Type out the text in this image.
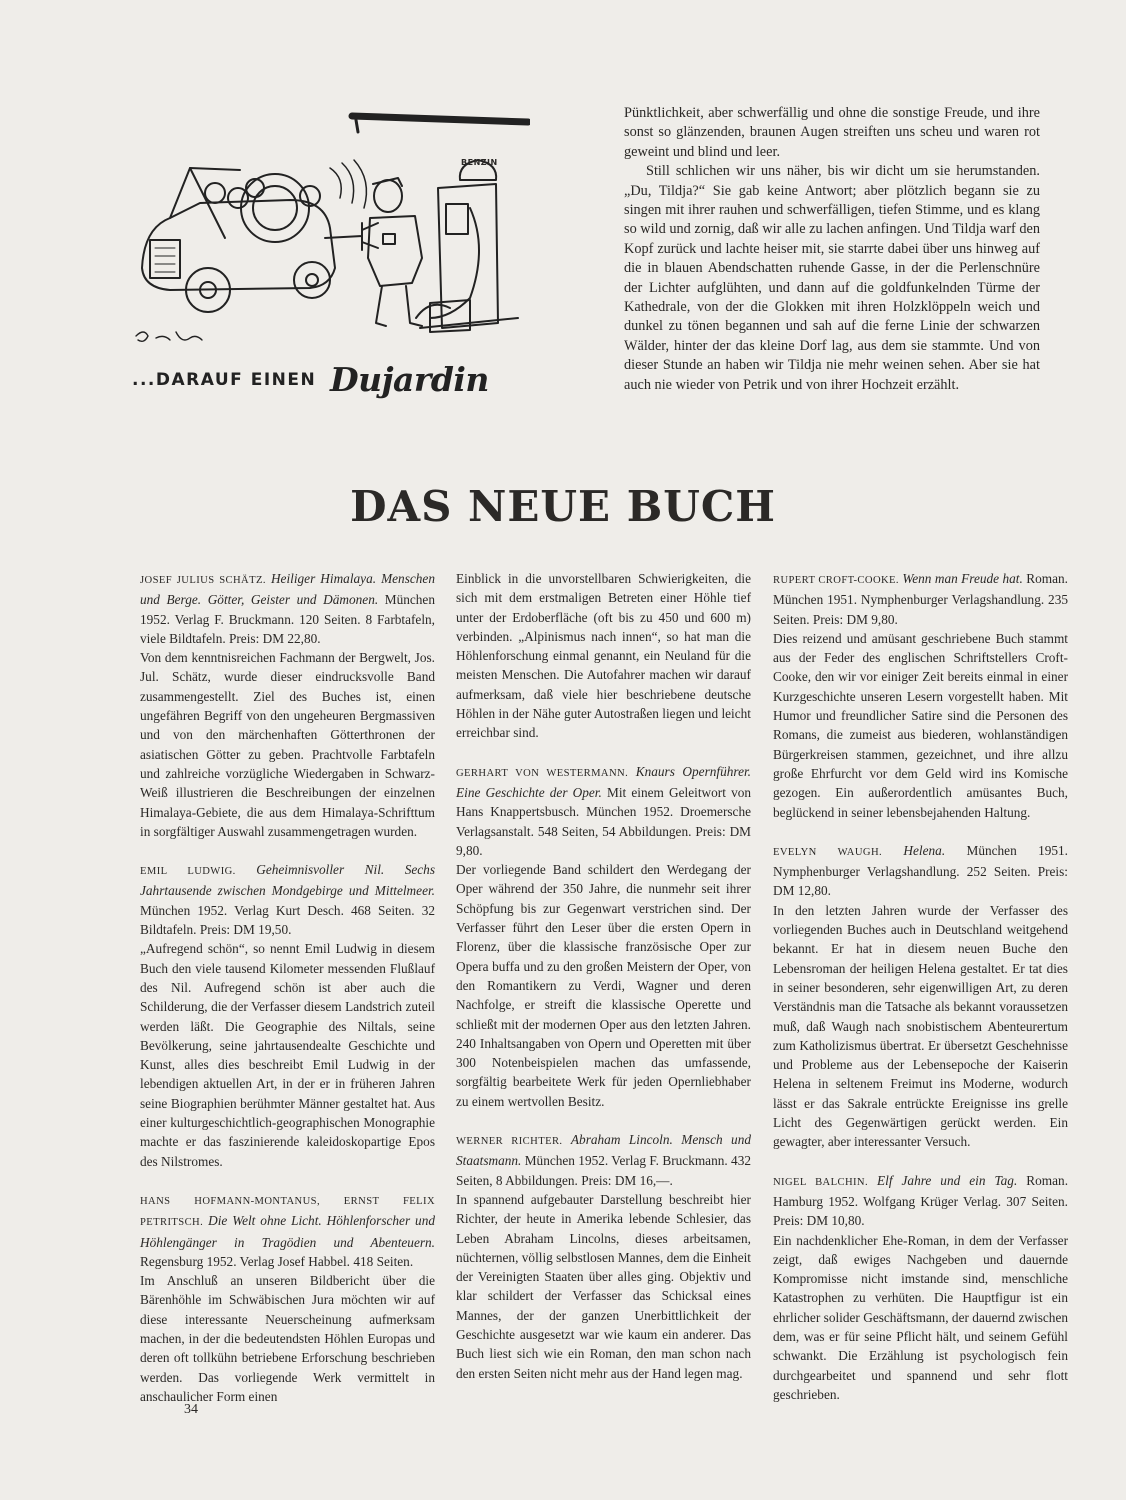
BENZIN
...DARAUF EINEN Dujardin

Pünktlichkeit, aber schwerfällig und ohne die sonstige Freude, und ihre sonst so glänzenden, braunen Augen streiften uns scheu und waren rot geweint und blind und leer.

Still schlichen wir uns näher, bis wir dicht um sie herumstanden. „Du, Tildja?“ Sie gab keine Antwort; aber plötzlich begann sie zu singen mit ihrer rauhen und schwerfälligen, tiefen Stimme, und es klang so wild und zornig, daß wir alle zu lachen anfingen. Und Tildja warf den Kopf zurück und lachte heiser mit, sie starrte dabei über uns hinweg auf die in blauen Abendschatten ruhende Gasse, in der die Perlenschnüre der Lichter aufglühten, und dann auf die goldfunkelnden Türme der Kathedrale, von der die Glokken mit ihren Holzklöppeln weich und dunkel zu tönen begannen und sah auf die ferne Linie der schwarzen Wälder, hinter der das kleine Dorf lag, aus dem sie stammte. Und von dieser Stunde an haben wir Tildja nie mehr weinen sehen. Aber sie hat auch nie wieder von Petrik und von ihrer Hochzeit erzählt.

DAS NEUE BUCH

JOSEF JULIUS SCHÄTZ. Heiliger Himalaya. Menschen und Berge. Götter, Geister und Dämonen. München 1952. Verlag F. Bruckmann. 120 Seiten. 8 Farbtafeln, viele Bildtafeln. Preis: DM 22,80.

Von dem kenntnisreichen Fachmann der Bergwelt, Jos. Jul. Schätz, wurde dieser eindrucksvolle Band zusammengestellt. Ziel des Buches ist, einen ungefähren Begriff von den ungeheuren Bergmassiven und von den märchenhaften Götterthronen der asiatischen Götter zu geben. Prachtvolle Farbtafeln und zahlreiche vorzügliche Wiedergaben in Schwarz-Weiß illustrieren die Beschreibungen der einzelnen Himalaya-Gebiete, die aus dem Himalaya-Schrifttum in sorgfältiger Auswahl zusammengetragen wurden.

EMIL LUDWIG. Geheimnisvoller Nil. Sechs Jahrtausende zwischen Mondgebirge und Mittelmeer. München 1952. Verlag Kurt Desch. 468 Seiten. 32 Bildtafeln. Preis: DM 19,50.

„Aufregend schön“, so nennt Emil Ludwig in diesem Buch den viele tausend Kilometer messenden Flußlauf des Nil. Aufregend schön ist aber auch die Schilderung, die der Verfasser diesem Landstrich zuteil werden läßt. Die Geographie des Niltals, seine Bevölkerung, seine jahrtausendealte Geschichte und Kunst, alles dies beschreibt Emil Ludwig in der lebendigen aktuellen Art, in der er in früheren Jahren seine Biographien berühmter Männer gestaltet hat. Aus einer kulturgeschichtlich-geographischen Monographie machte er das faszinierende kaleidoskopartige Epos des Nilstromes.

HANS HOFMANN-MONTANUS, ERNST FELIX PETRITSCH. Die Welt ohne Licht. Höhlenforscher und Höhlengänger in Tragödien und Abenteuern. Regensburg 1952. Verlag Josef Habbel. 418 Seiten.

Im Anschluß an unseren Bildbericht über die Bärenhöhle im Schwäbischen Jura möchten wir auf diese interessante Neuerscheinung aufmerksam machen, in der die bedeutendsten Höhlen Europas und deren oft tollkühn betriebene Erforschung beschrieben werden. Das vorliegende Werk vermittelt in anschaulicher Form einen

Einblick in die unvorstellbaren Schwierigkeiten, die sich mit dem erstmaligen Betreten einer Höhle tief unter der Erdoberfläche (oft bis zu 450 und 600 m) verbinden. „Alpinismus nach innen“, so hat man die Höhlenforschung einmal genannt, ein Neuland für die meisten Menschen. Die Autofahrer machen wir darauf aufmerksam, daß viele hier beschriebene deutsche Höhlen in der Nähe guter Autostraßen liegen und leicht erreichbar sind.

GERHART VON WESTERMANN. Knaurs Opernführer. Eine Geschichte der Oper. Mit einem Geleitwort von Hans Knappertsbusch. München 1952. Droemersche Verlagsanstalt. 548 Seiten, 54 Abbildungen. Preis: DM 9,80.

Der vorliegende Band schildert den Werdegang der Oper während der 350 Jahre, die nunmehr seit ihrer Schöpfung bis zur Gegenwart verstrichen sind. Der Verfasser führt den Leser über die ersten Opern in Florenz, über die klassische französische Oper zur Opera buffa und zu den großen Meistern der Oper, von den Romantikern zu Verdi, Wagner und deren Nachfolge, er streift die klassische Operette und schließt mit der modernen Oper aus den letzten Jahren. 240 Inhaltsangaben von Opern und Operetten mit über 300 Notenbeispielen machen das umfassende, sorgfältig bearbeitete Werk für jeden Opernliebhaber zu einem wertvollen Besitz.

WERNER RICHTER. Abraham Lincoln. Mensch und Staatsmann. München 1952. Verlag F. Bruckmann. 432 Seiten, 8 Abbildungen. Preis: DM 16,—.

In spannend aufgebauter Darstellung beschreibt hier Richter, der heute in Amerika lebende Schlesier, das Leben Abraham Lincolns, dieses arbeitsamen, nüchternen, völlig selbstlosen Mannes, dem die Einheit der Vereinigten Staaten über alles ging. Objektiv und klar schildert der Verfasser das Schicksal eines Mannes, der der ganzen Unerbittlichkeit der Geschichte ausgesetzt war wie kaum ein anderer. Das Buch liest sich wie ein Roman, den man schon nach den ersten Seiten nicht mehr aus der Hand legen mag.

RUPERT CROFT-COOKE. Wenn man Freude hat. Roman. München 1951. Nymphenburger Verlagshandlung. 235 Seiten. Preis: DM 9,80.

Dies reizend und amüsant geschriebene Buch stammt aus der Feder des englischen Schriftstellers Croft-Cooke, den wir vor einiger Zeit bereits einmal in einer Kurzgeschichte unseren Lesern vorgestellt haben. Mit Humor und freundlicher Satire sind die Personen des Romans, die zumeist aus biederen, wohlanständigen Bürgerkreisen stammen, gezeichnet, und ihre allzu große Ehrfurcht vor dem Geld wird ins Komische gezogen. Ein außerordentlich amüsantes Buch, beglückend in seiner lebensbejahenden Haltung.

EVELYN WAUGH. Helena. München 1951. Nymphenburger Verlagshandlung. 252 Seiten. Preis: DM 12,80.

In den letzten Jahren wurde der Verfasser des vorliegenden Buches auch in Deutschland weitgehend bekannt. Er hat in diesem neuen Buche den Lebensroman der heiligen Helena gestaltet. Er tat dies in seiner besonderen, sehr eigenwilligen Art, zu deren Verständnis man die Tatsache als bekannt voraussetzen muß, daß Waugh nach snobistischem Abenteurertum zum Katholizismus übertrat. Er übersetzt Geschehnisse und Probleme aus der Lebensepoche der Kaiserin Helena in seltenem Freimut ins Moderne, wodurch lässt er das Sakrale entrückte Ereignisse ins grelle Licht des Gegenwärtigen gerückt werden. Ein gewagter, aber interessanter Versuch.

NIGEL BALCHIN. Elf Jahre und ein Tag. Roman. Hamburg 1952. Wolfgang Krüger Verlag. 307 Seiten. Preis: DM 10,80.

Ein nachdenklicher Ehe-Roman, in dem der Verfasser zeigt, daß ewiges Nachgeben und dauernde Kompromisse nicht imstande sind, menschliche Katastrophen zu verhüten. Die Hauptfigur ist ein ehrlicher solider Geschäftsmann, der dauernd zwischen dem, was er für seine Pflicht hält, und seinem Gefühl schwankt. Die Erzählung ist psychologisch fein durchgearbeitet und spannend und sehr flott geschrieben.

34
